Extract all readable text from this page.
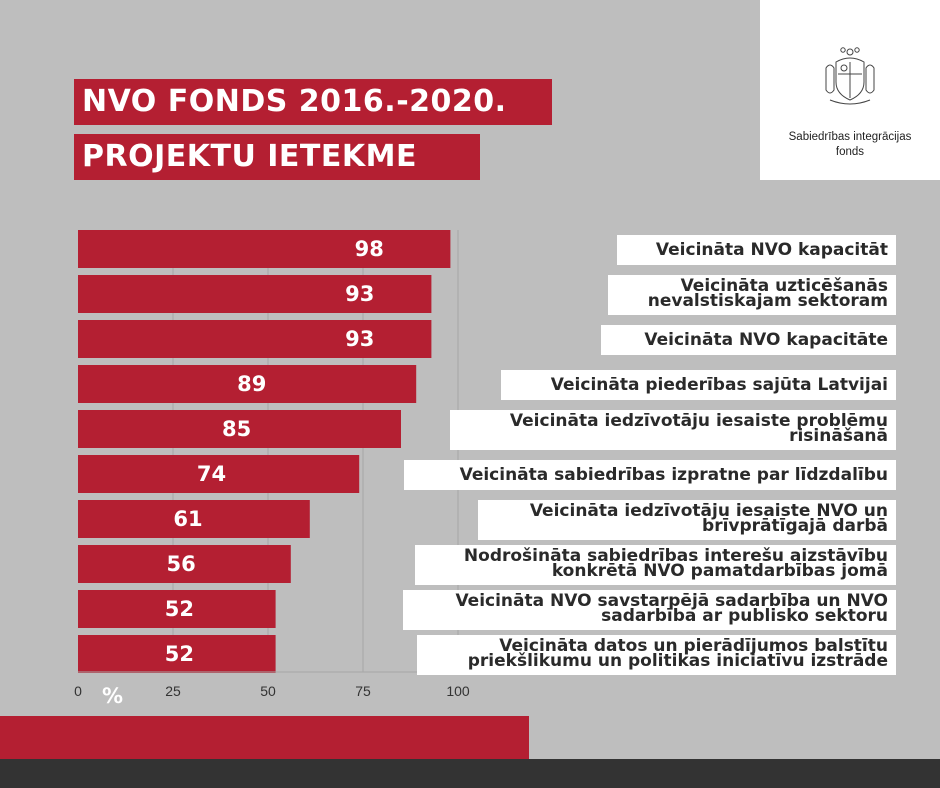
NVO FONDS 2016.-2020.
PROJEKTU IETEKME
Sabiedrības integrācijas
fonds
98
93
93
89
85
74
61
56
52
52
0	25	50	75	100
Veicināta NVO kapacitāt
Veicināta uzticēšanās
nevalstiskajam sektoram
Veicināta NVO kapacitāte
Veicināta piederības sajūta Latvijai
Veicināta iedzīvotāju iesaiste problēmu
risināšanā
Veicināta sabiedrības izpratne par līdzdalību
Veicināta iedzīvotāju iesaiste NVO un
brīvprātīgajā darbā
Nodrošināta sabiedrības interešu aizstāvību
konkrētā NVO pamatdarbības jomā
Veicināta NVO savstarpējā sadarbība un NVO
sadarbība ar publisko sektoru
Veicināta datos un pierādījumos balstītu
priekšlikumu un politikas iniciatīvu izstrāde
%
